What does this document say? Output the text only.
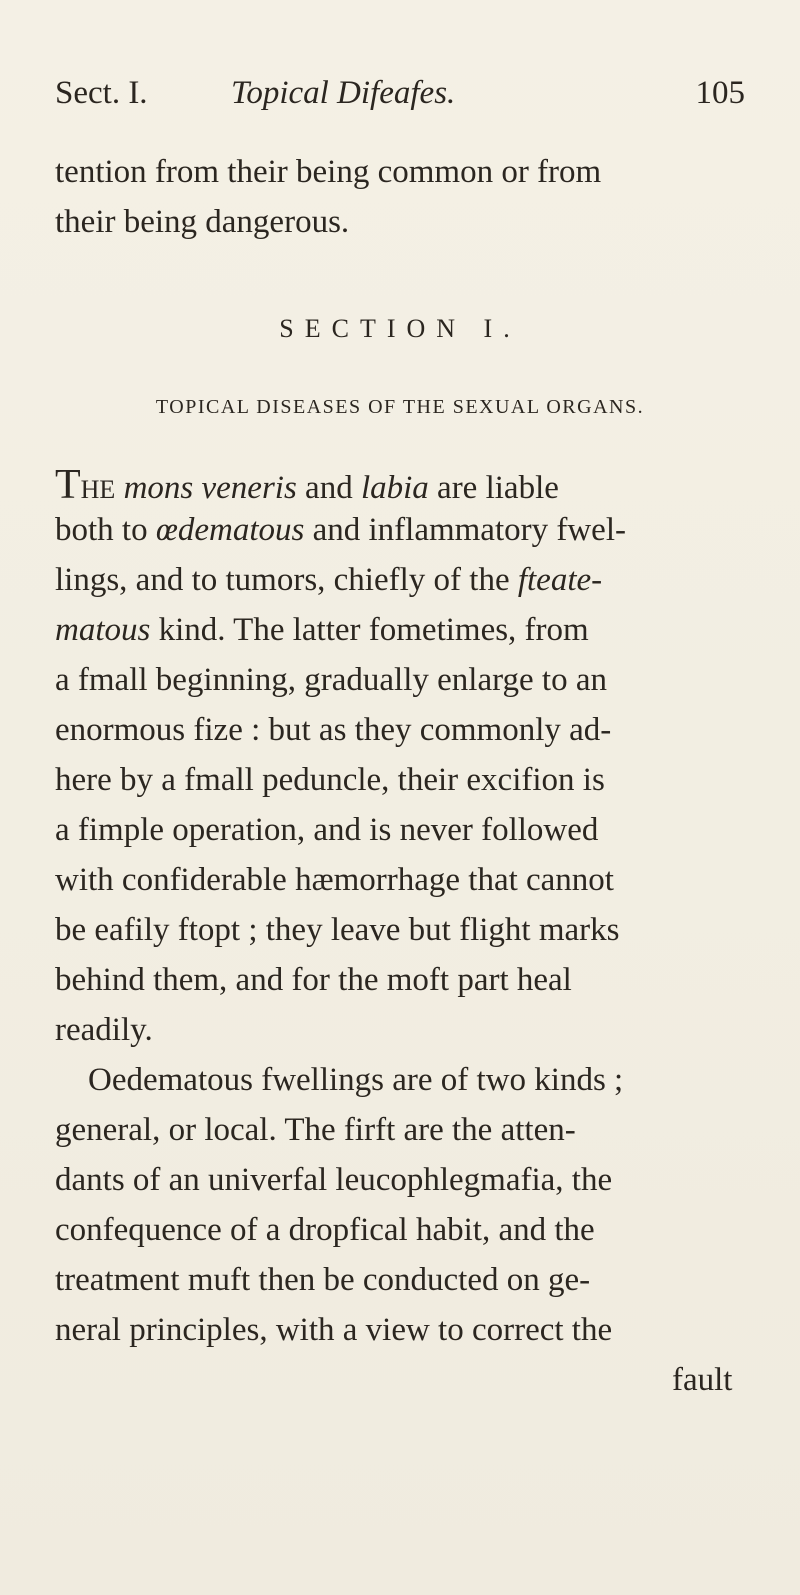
Sect. I.	Topical Difeafes.	105
tention from their being common or from
their being dangerous.
SECTION I.
TOPICAL DISEASES OF THE SEXUAL ORGANS.
THE mons veneris and labia are liable
both to œdematous and inflammatory fwel-
lings, and to tumors, chiefly of the fteate-
matous kind. The latter fometimes, from
a fmall beginning, gradually enlarge to an
enormous fize : but as they commonly ad-
here by a fmall peduncle, their excifion is
a fimple operation, and is never followed
with confiderable hæmorrhage that cannot
be eafily ftopt ; they leave but flight marks
behind them, and for the moft part heal
readily.
Oedematous fwellings are of two kinds ;
general, or local. The firft are the atten-
dants of an univerfal leucophlegmafia, the
confequence of a dropfical habit, and the
treatment muft then be conducted on ge-
neral principles, with a view to correct the
fault
